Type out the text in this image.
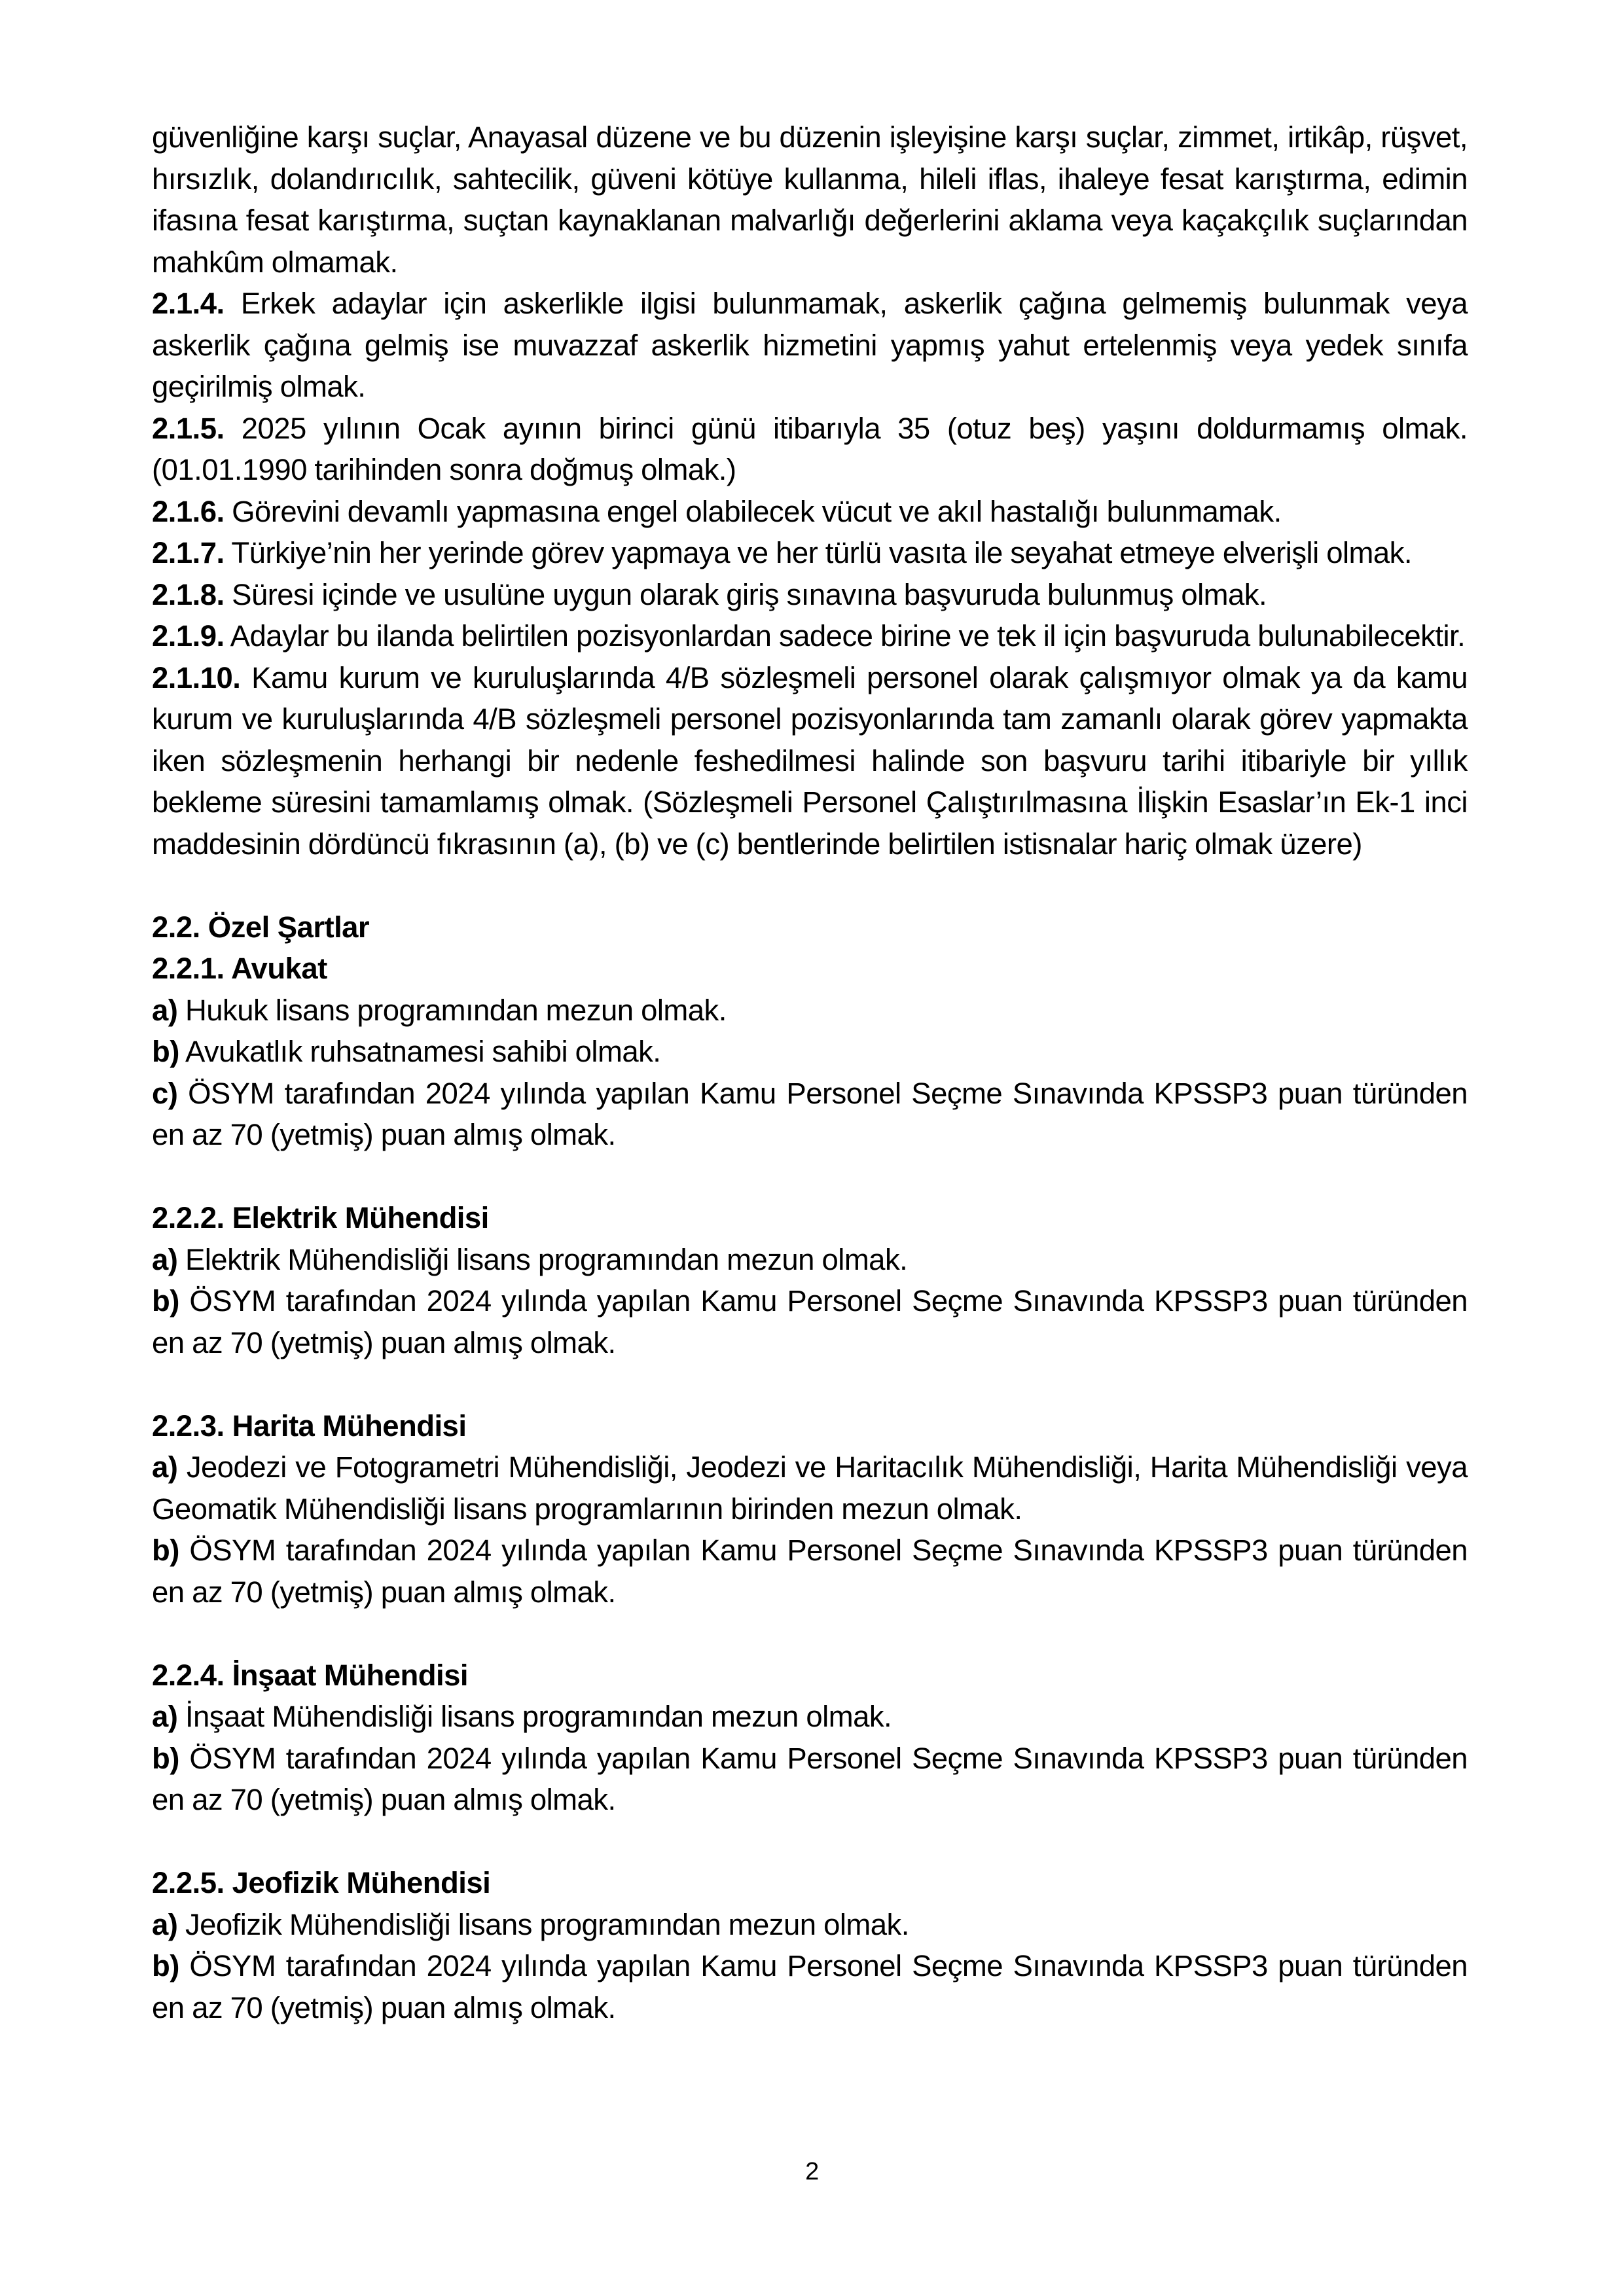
güvenliğine karşı suçlar, Anayasal düzene ve bu düzenin işleyişine karşı suçlar, zimmet, irtikâp, rüşvet, hırsızlık, dolandırıcılık, sahtecilik, güveni kötüye kullanma, hileli iflas, ihaleye fesat karıştırma, edimin ifasına fesat karıştırma, suçtan kaynaklanan malvarlığı değerlerini aklama veya kaçakçılık suçlarından mahkûm olmamak.

2.1.4. Erkek adaylar için askerlikle ilgisi bulunmamak, askerlik çağına gelmemiş bulunmak veya askerlik çağına gelmiş ise muvazzaf askerlik hizmetini yapmış yahut ertelenmiş veya yedek sınıfa geçirilmiş olmak.

2.1.5. 2025 yılının Ocak ayının birinci günü itibarıyla 35 (otuz beş) yaşını doldurmamış olmak. (01.01.1990 tarihinden sonra doğmuş olmak.)

2.1.6. Görevini devamlı yapmasına engel olabilecek vücut ve akıl hastalığı bulunmamak.

2.1.7. Türkiye’nin her yerinde görev yapmaya ve her türlü vasıta ile seyahat etmeye elverişli olmak.

2.1.8. Süresi içinde ve usulüne uygun olarak giriş sınavına başvuruda bulunmuş olmak.

2.1.9. Adaylar bu ilanda belirtilen pozisyonlardan sadece birine ve tek il için başvuruda bulunabilecektir.

2.1.10. Kamu kurum ve kuruluşlarında 4/B sözleşmeli personel olarak çalışmıyor olmak ya da kamu kurum ve kuruluşlarında 4/B sözleşmeli personel pozisyonlarında tam zamanlı olarak görev yapmakta iken sözleşmenin herhangi bir nedenle feshedilmesi halinde son başvuru tarihi itibariyle bir yıllık bekleme süresini tamamlamış olmak. (Sözleşmeli Personel Çalıştırılmasına İlişkin Esaslar’ın Ek-1 inci maddesinin dördüncü fıkrasının (a), (b) ve (c) bentlerinde belirtilen istisnalar hariç olmak üzere)

2.2. Özel Şartlar

2.2.1. Avukat

a) Hukuk lisans programından mezun olmak.

b) Avukatlık ruhsatnamesi sahibi olmak.

c) ÖSYM tarafından 2024 yılında yapılan Kamu Personel Seçme Sınavında KPSSP3 puan türünden en az 70 (yetmiş) puan almış olmak.

2.2.2. Elektrik Mühendisi

a) Elektrik Mühendisliği lisans programından mezun olmak.

b) ÖSYM tarafından 2024 yılında yapılan Kamu Personel Seçme Sınavında KPSSP3 puan türünden en az 70 (yetmiş) puan almış olmak.

2.2.3. Harita Mühendisi

a) Jeodezi ve Fotogrametri Mühendisliği, Jeodezi ve Haritacılık Mühendisliği, Harita Mühendisliği veya Geomatik Mühendisliği lisans programlarının birinden mezun olmak.

b) ÖSYM tarafından 2024 yılında yapılan Kamu Personel Seçme Sınavında KPSSP3 puan türünden en az 70 (yetmiş) puan almış olmak.

2.2.4. İnşaat Mühendisi

a) İnşaat Mühendisliği lisans programından mezun olmak.

b) ÖSYM tarafından 2024 yılında yapılan Kamu Personel Seçme Sınavında KPSSP3 puan türünden en az 70 (yetmiş) puan almış olmak.

2.2.5. Jeofizik Mühendisi

a) Jeofizik Mühendisliği lisans programından mezun olmak.

b) ÖSYM tarafından 2024 yılında yapılan Kamu Personel Seçme Sınavında KPSSP3 puan türünden en az 70 (yetmiş) puan almış olmak.

2
